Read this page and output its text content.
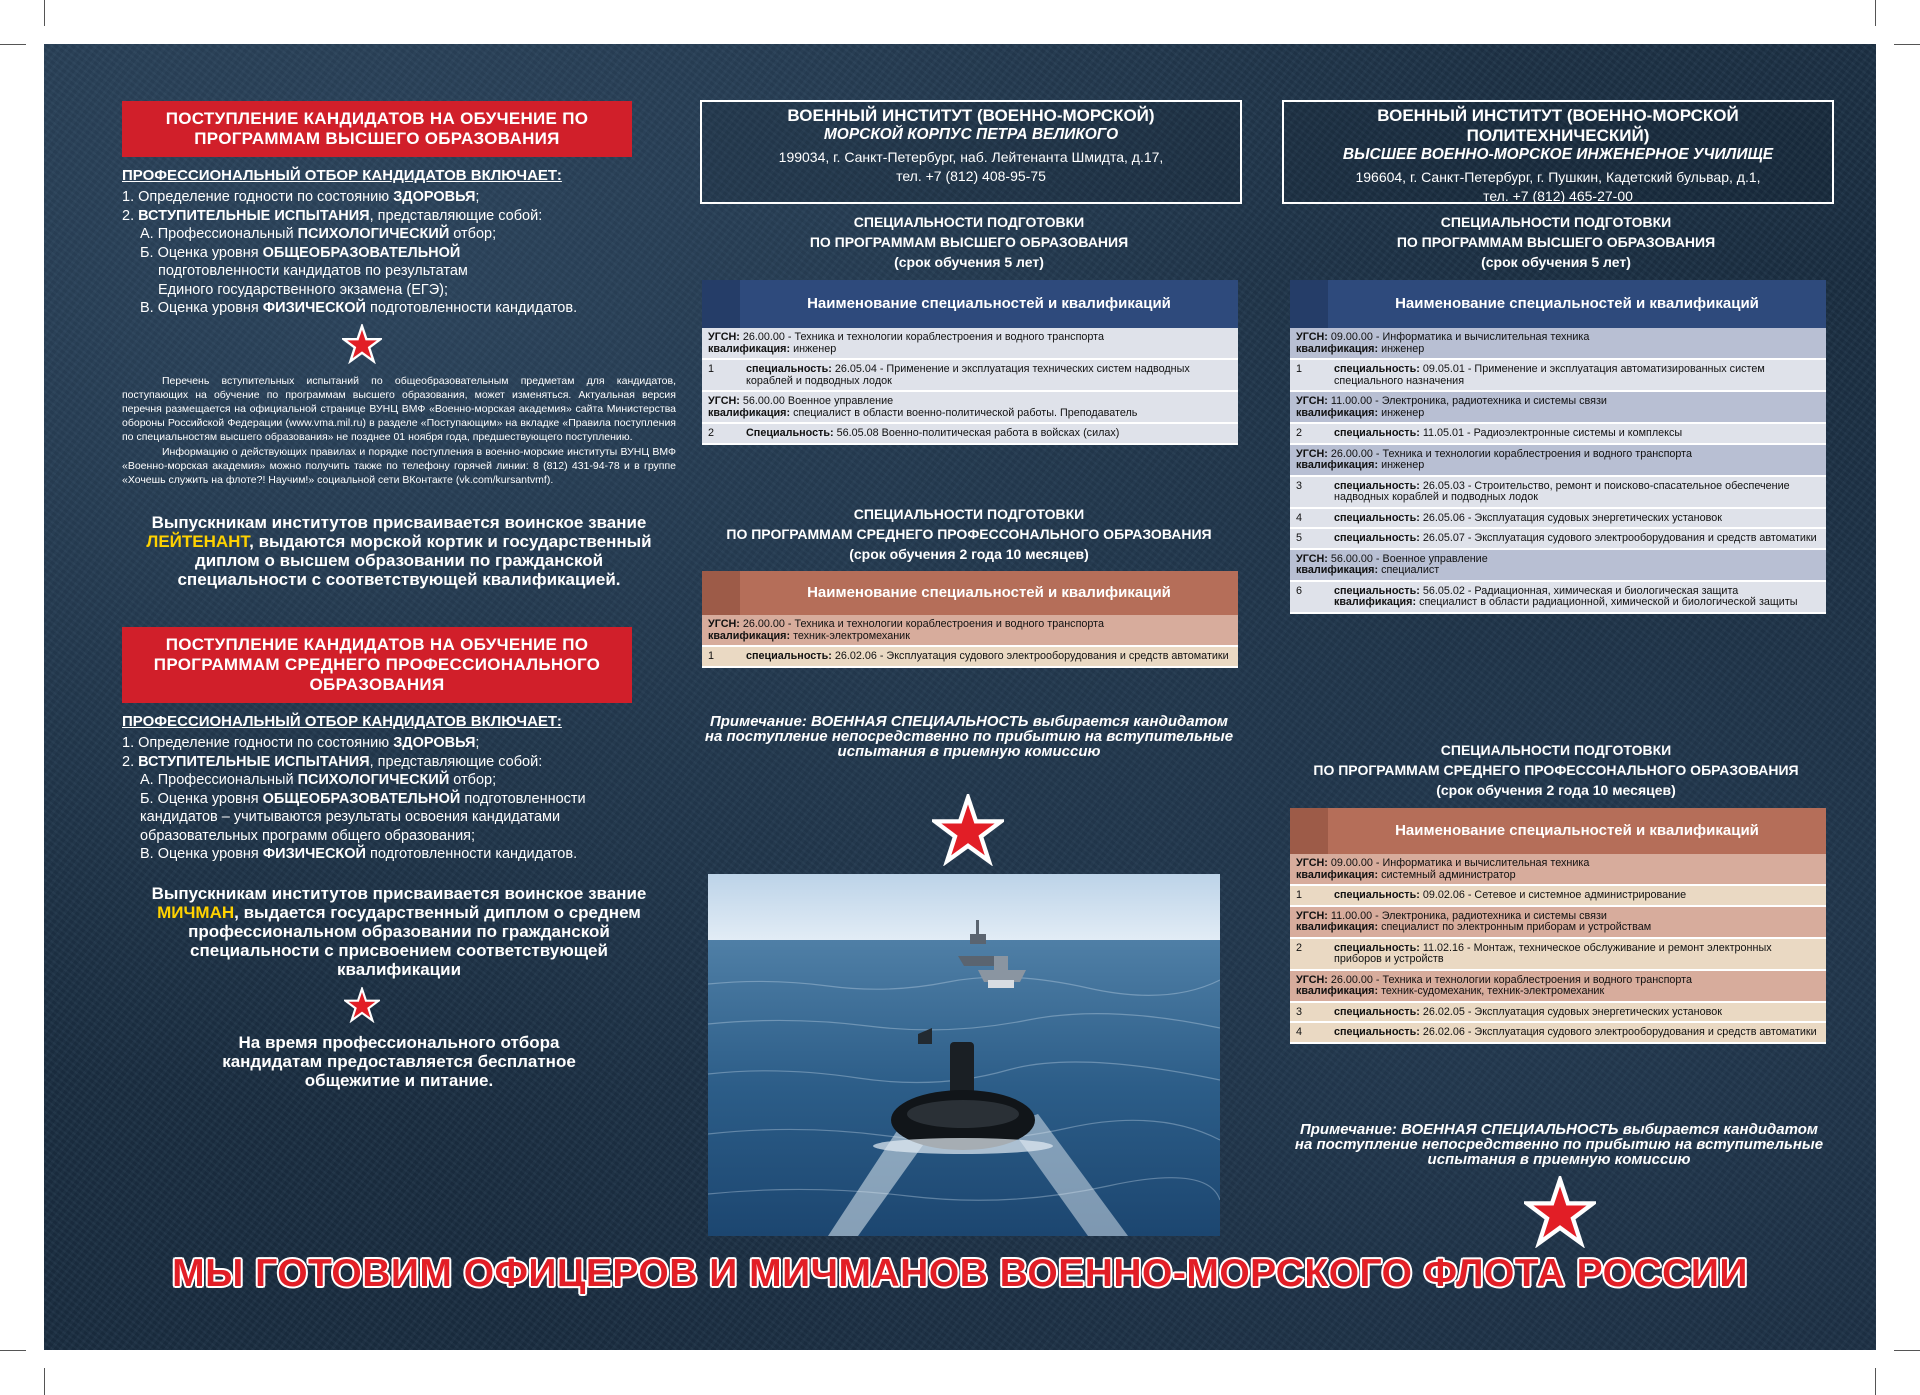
ПОСТУПЛЕНИЕ КАНДИДАТОВ НА ОБУЧЕНИЕ ПО ПРОГРАММАМ ВЫСШЕГО ОБРАЗОВАНИЯ
ПРОФЕССИОНАЛЬНЫЙ ОТБОР КАНДИДАТОВ ВКЛЮЧАЕТ:
1. Определение годности по состоянию ЗДОРОВЬЯ;
2. ВСТУПИТЕЛЬНЫЕ ИСПЫТАНИЯ, представляющие собой:
А. Профессиональный ПСИХОЛОГИЧЕСКИЙ отбор;
Б. Оценка уровня ОБЩЕОБРАЗОВАТЕЛЬНОЙ
подготовленности кандидатов по результатам
Единого государственного экзамена (ЕГЭ);
В. Оценка уровня ФИЗИЧЕСКОЙ подготовленности кандидатов.
Перечень вступительных испытаний по общеобразовательным предметам для кандидатов, поступающих на обучение по программам высшего образования, может изменяться. Актуальная версия перечня размещается на официальной странице ВУНЦ ВМФ «Военно-морская академия» сайта Министерства обороны Российской Федерации (www.vma.mil.ru) в разделе «Поступающим» на вкладке «Правила поступления по специальностям высшего образования» не позднее 01 ноября года, предшествующего поступлению.
Информацию о действующих правилах и порядке поступления в военно-морские институты ВУНЦ ВМФ «Военно-морская академия» можно получить также по телефону горячей линии: 8 (812) 431-94-78 и в группе «Хочешь служить на флоте?! Научим!» социальной сети ВКонтакте (vk.com/kursantvmf).
Выпускникам институтов присваивается воинское звание ЛЕЙТЕНАНТ, выдаются морской кортик и государственный диплом о высшем образовании по гражданской специальности с соответствующей квалификацией.
ПОСТУПЛЕНИЕ КАНДИДАТОВ НА ОБУЧЕНИЕ ПО ПРОГРАММАМ СРЕДНЕГО ПРОФЕССИОНАЛЬНОГО ОБРАЗОВАНИЯ
ПРОФЕССИОНАЛЬНЫЙ ОТБОР КАНДИДАТОВ ВКЛЮЧАЕТ:
1. Определение годности по состоянию ЗДОРОВЬЯ;
2. ВСТУПИТЕЛЬНЫЕ ИСПЫТАНИЯ, представляющие собой:
А. Профессиональный ПСИХОЛОГИЧЕСКИЙ отбор;
Б. Оценка уровня ОБЩЕОБРАЗОВАТЕЛЬНОЙ подготовленности кандидатов – учитываются результаты освоения кандидатами образовательных программ общего образования;
В. Оценка уровня ФИЗИЧЕСКОЙ подготовленности кандидатов.
Выпускникам институтов присваивается воинское звание МИЧМАН, выдается государственный диплом о среднем профессиональном образовании по гражданской специальности с присвоением соответствующей квалификации
На время профессионального отбора кандидатам предоставляется бесплатное общежитие и питание.
ВОЕННЫЙ ИНСТИТУТ (ВОЕННО-МОРСКОЙ)
МОРСКОЙ КОРПУС ПЕТРА ВЕЛИКОГО
199034, г. Санкт-Петербург, наб. Лейтенанта Шмидта, д.17,
тел. +7 (812) 408-95-75
СПЕЦИАЛЬНОСТИ ПОДГОТОВКИ
ПО ПРОГРАММАМ ВЫСШЕГО ОБРАЗОВАНИЯ
(срок обучения 5 лет)
	Наименование специальностей и квалификаций
УГСН: 26.00.00 - Техника и технологии кораблестроения и водного транспорта
квалификация: инженер	
1	специальность: 26.05.04 - Применение и эксплуатация технических систем надводных кораблей и подводных лодок
УГСН: 56.00.00 Военное управление
квалификация: специалист в области военно-политической работы. Преподаватель	
2	Специальность: 56.05.08 Военно-политическая работа в войсках (силах)
СПЕЦИАЛЬНОСТИ ПОДГОТОВКИ
ПО ПРОГРАММАМ СРЕДНЕГО ПРОФЕССОНАЛЬНОГО ОБРАЗОВАНИЯ
(срок обучения 2 года 10 месяцев)
	Наименование специальностей и квалификаций
УГСН: 26.00.00 - Техника и технологии кораблестроения и водного транспорта
квалификация: техник-электромеханик	
1	специальность: 26.02.06 - Эксплуатация судового электрооборудования и средств автоматики
Примечание: ВОЕННАЯ СПЕЦИАЛЬНОСТЬ выбирается кандидатом на поступление непосредственно по прибытию на вступительные испытания в приемную комиссию
ВОЕННЫЙ ИНСТИТУТ (ВОЕННО-МОРСКОЙ ПОЛИТЕХНИЧЕСКИЙ)
ВЫСШЕЕ ВОЕННО-МОРСКОЕ ИНЖЕНЕРНОЕ УЧИЛИЩЕ
196604, г. Санкт-Петербург, г. Пушкин, Кадетский бульвар, д.1,
тел. +7 (812) 465-27-00
СПЕЦИАЛЬНОСТИ ПОДГОТОВКИ
ПО ПРОГРАММАМ ВЫСШЕГО ОБРАЗОВАНИЯ
(срок обучения 5 лет)
	Наименование специальностей и квалификаций
УГСН: 09.00.00 - Информатика и вычислительная техника
квалификация: инженер	
1	специальность: 09.05.01 - Применение и эксплуатация автоматизированных систем специального назначения
УГСН: 11.00.00 - Электроника, радиотехника и системы связи
квалификация: инженер	
2	специальность: 11.05.01 - Радиоэлектронные системы и комплексы
УГСН: 26.00.00 - Техника и технологии кораблестроения и водного транспорта
квалификация: инженер	
3	специальность: 26.05.03 - Строительство, ремонт и поисково-спасательное обеспечение надводных кораблей и подводных лодок
4	специальность: 26.05.06 - Эксплуатация судовых энергетических установок
5	специальность: 26.05.07 - Эксплуатация судового электрооборудования и средств автоматики
УГСН: 56.00.00 - Военное управление
квалификация: специалист	
6	специальность: 56.05.02 - Радиационная, химическая и биологическая защита
квалификация: специалист в области радиационной, химической и биологической защиты
СПЕЦИАЛЬНОСТИ ПОДГОТОВКИ
ПО ПРОГРАММАМ СРЕДНЕГО ПРОФЕССОНАЛЬНОГО ОБРАЗОВАНИЯ
(срок обучения 2 года 10 месяцев)
	Наименование специальностей и квалификаций
УГСН: 09.00.00 - Информатика и вычислительная техника
квалификация: системный администратор	
1	специальность: 09.02.06 - Сетевое и системное администрирование
УГСН: 11.00.00 - Электроника, радиотехника и системы связи
квалификация: специалист по электронным приборам и устройствам	
2	специальность: 11.02.16 - Монтаж, техническое обслуживание и ремонт электронных приборов и устройств
УГСН: 26.00.00 - Техника и технологии кораблестроения и водного транспорта
квалификация: техник-судомеханик, техник-электромеханик	
3	специальность: 26.02.05 - Эксплуатация судовых энергетических установок
4	специальность: 26.02.06 - Эксплуатация судового электрооборудования и средств автоматики
Примечание: ВОЕННАЯ СПЕЦИАЛЬНОСТЬ выбирается кандидатом на поступление непосредственно по прибытию на вступительные испытания в приемную комиссию
МЫ ГОТОВИМ ОФИЦЕРОВ И МИЧМАНОВ ВОЕННО-МОРСКОГО ФЛОТА РОССИИ
